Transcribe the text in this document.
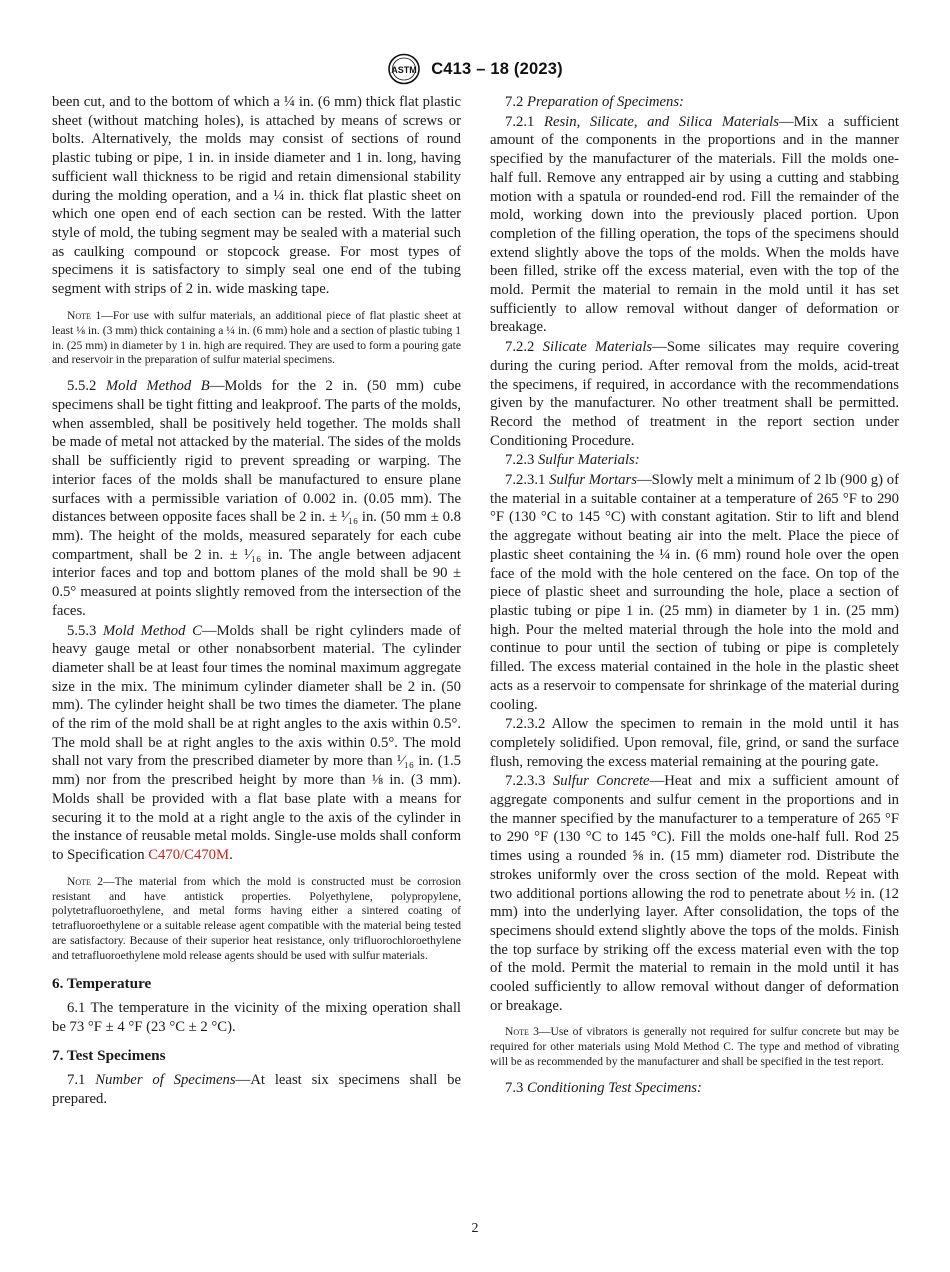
ASTM C413 – 18 (2023)

been cut, and to the bottom of which a ¼ in. (6 mm) thick flat plastic sheet (without matching holes), is attached by means of screws or bolts. Alternatively, the molds may consist of sections of round plastic tubing or pipe, 1 in. in inside diameter and 1 in. long, having sufficient wall thickness to be rigid and retain dimensional stability during the molding operation, and a ¼ in. thick flat plastic sheet on which one open end of each section can be rested. With the latter style of mold, the tubing segment may be sealed with a material such as caulking compound or stopcock grease. For most types of specimens it is satisfactory to simply seal one end of the tubing segment with strips of 2 in. wide masking tape.

Note 1—For use with sulfur materials, an additional piece of flat plastic sheet at least ⅛ in. (3 mm) thick containing a ¼ in. (6 mm) hole and a section of plastic tubing 1 in. (25 mm) in diameter by 1 in. high are required. They are used to form a pouring gate and reservoir in the preparation of sulfur material specimens.

5.5.2 Mold Method B—Molds for the 2 in. (50 mm) cube specimens shall be tight fitting and leakproof. The parts of the molds, when assembled, shall be positively held together. The molds shall be made of metal not attacked by the material. The sides of the molds shall be sufficiently rigid to prevent spreading or warping. The interior faces of the molds shall be manufactured to ensure plane surfaces with a permissible variation of 0.002 in. (0.05 mm). The distances between opposite faces shall be 2 in. ± ¹⁄₁₆ in. (50 mm ± 0.8 mm). The height of the molds, measured separately for each cube compartment, shall be 2 in. ± ¹⁄₁₆ in. The angle between adjacent interior faces and top and bottom planes of the mold shall be 90 ± 0.5° measured at points slightly removed from the intersection of the faces.

5.5.3 Mold Method C—Molds shall be right cylinders made of heavy gauge metal or other nonabsorbent material. The cylinder diameter shall be at least four times the nominal maximum aggregate size in the mix. The minimum cylinder diameter shall be 2 in. (50 mm). The cylinder height shall be two times the diameter. The plane of the rim of the mold shall be at right angles to the axis within 0.5°. The mold shall be at right angles to the axis within 0.5°. The mold shall not vary from the prescribed diameter by more than ¹⁄₁₆ in. (1.5 mm) nor from the prescribed height by more than ⅛ in. (3 mm). Molds shall be provided with a flat base plate with a means for securing it to the mold at a right angle to the axis of the cylinder in the instance of reusable metal molds. Single-use molds shall conform to Specification C470/C470M.

Note 2—The material from which the mold is constructed must be corrosion resistant and have antistick properties. Polyethylene, polypropylene, polytetrafluoroethylene, and metal forms having either a sintered coating of tetrafluoroethylene or a suitable release agent compatible with the material being tested are satisfactory. Because of their superior heat resistance, only trifluorochloroethylene and tetrafluoroethylene mold release agents should be used with sulfur materials.

6. Temperature

6.1 The temperature in the vicinity of the mixing operation shall be 73 °F ± 4 °F (23 °C ± 2 °C).

7. Test Specimens

7.1 Number of Specimens—At least six specimens shall be prepared.

7.2 Preparation of Specimens:

7.2.1 Resin, Silicate, and Silica Materials—Mix a sufficient amount of the components in the proportions and in the manner specified by the manufacturer of the materials. Fill the molds one-half full. Remove any entrapped air by using a cutting and stabbing motion with a spatula or rounded-end rod. Fill the remainder of the mold, working down into the previously placed portion. Upon completion of the filling operation, the tops of the specimens should extend slightly above the tops of the molds. When the molds have been filled, strike off the excess material, even with the top of the mold. Permit the material to remain in the mold until it has set sufficiently to allow removal without danger of deformation or breakage.

7.2.2 Silicate Materials—Some silicates may require covering during the curing period. After removal from the molds, acid-treat the specimens, if required, in accordance with the recommendations given by the manufacturer. No other treatment shall be permitted. Record the method of treatment in the report section under Conditioning Procedure.

7.2.3 Sulfur Materials:

7.2.3.1 Sulfur Mortars—Slowly melt a minimum of 2 lb (900 g) of the material in a suitable container at a temperature of 265 °F to 290 °F (130 °C to 145 °C) with constant agitation. Stir to lift and blend the aggregate without beating air into the melt. Place the piece of plastic sheet containing the ¼ in. (6 mm) round hole over the open face of the mold with the hole centered on the face. On top of the piece of plastic sheet and surrounding the hole, place a section of plastic tubing or pipe 1 in. (25 mm) in diameter by 1 in. (25 mm) high. Pour the melted material through the hole into the mold and continue to pour until the section of tubing or pipe is completely filled. The excess material contained in the hole in the plastic sheet acts as a reservoir to compensate for shrinkage of the material during cooling.

7.2.3.2 Allow the specimen to remain in the mold until it has completely solidified. Upon removal, file, grind, or sand the surface flush, removing the excess material remaining at the pouring gate.

7.2.3.3 Sulfur Concrete—Heat and mix a sufficient amount of aggregate components and sulfur cement in the proportions and in the manner specified by the manufacturer to a temperature of 265 °F to 290 °F (130 °C to 145 °C). Fill the molds one-half full. Rod 25 times using a rounded ⅝ in. (15 mm) diameter rod. Distribute the strokes uniformly over the cross section of the mold. Repeat with two additional portions allowing the rod to penetrate about ½ in. (12 mm) into the underlying layer. After consolidation, the tops of the specimens should extend slightly above the tops of the molds. Finish the top surface by striking off the excess material even with the top of the mold. Permit the material to remain in the mold until it has cooled sufficiently to allow removal without danger of deformation or breakage.

Note 3—Use of vibrators is generally not required for sulfur concrete but may be required for other materials using Mold Method C. The type and method of vibrating will be as recommended by the manufacturer and shall be specified in the test report.

7.3 Conditioning Test Specimens:

2
